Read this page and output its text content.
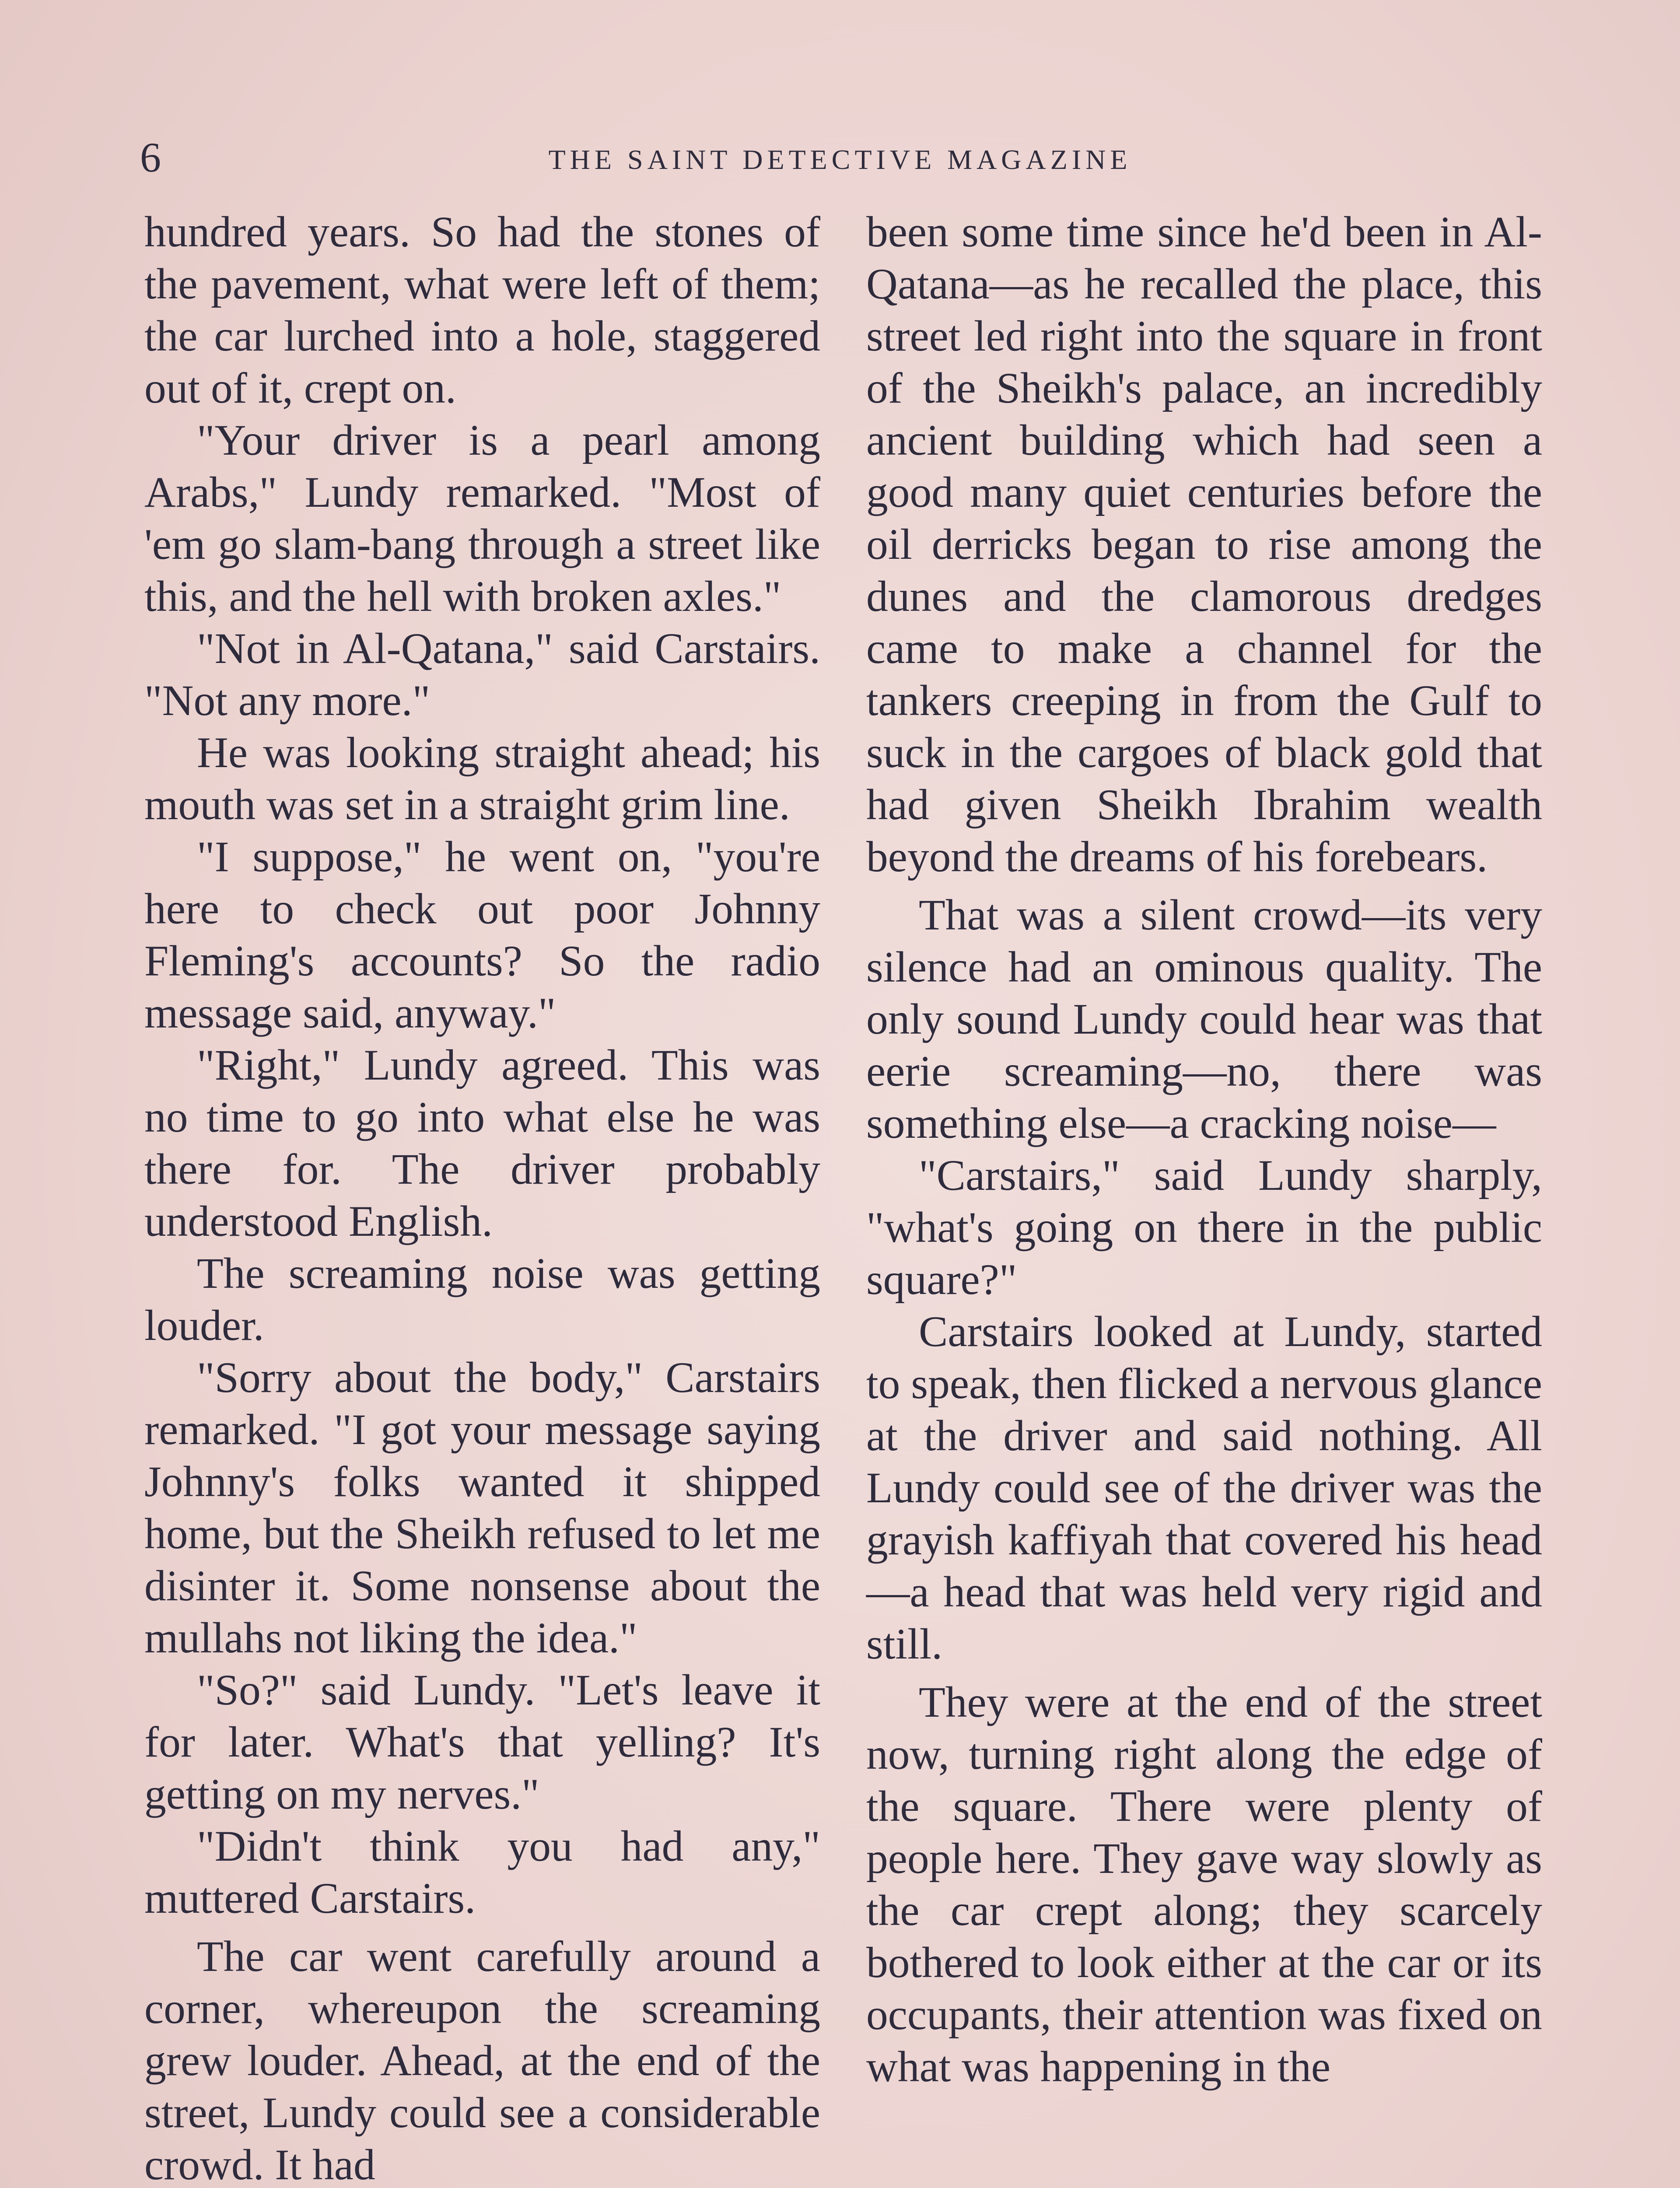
6	THE SAINT DETECTIVE MAGAZINE

hundred years. So had the stones of the pavement, what were left of them; the car lurched into a hole, staggered out of it, crept on.

"Your driver is a pearl among Arabs," Lundy remarked. "Most of 'em go slam-bang through a street like this, and the hell with broken axles."

"Not in Al-Qatana," said Carstairs. "Not any more."

He was looking straight ahead; his mouth was set in a straight grim line.

"I suppose," he went on, "you're here to check out poor Johnny Fleming's accounts? So the radio message said, anyway."

"Right," Lundy agreed. This was no time to go into what else he was there for. The driver probably understood English.

The screaming noise was getting louder.

"Sorry about the body," Carstairs remarked. "I got your message saying Johnny's folks wanted it shipped home, but the Sheikh refused to let me disinter it. Some nonsense about the mullahs not liking the idea."

"So?" said Lundy. "Let's leave it for later. What's that yelling? It's getting on my nerves."

"Didn't think you had any," muttered Carstairs.

The car went carefully around a corner, whereupon the screaming grew louder. Ahead, at the end of the street, Lundy could see a considerable crowd. It had

been some time since he'd been in Al-Qatana—as he recalled the place, this street led right into the square in front of the Sheikh's palace, an incredibly ancient building which had seen a good many quiet centuries before the oil derricks began to rise among the dunes and the clamorous dredges came to make a channel for the tankers creeping in from the Gulf to suck in the cargoes of black gold that had given Sheikh Ibrahim wealth beyond the dreams of his forebears.

That was a silent crowd—its very silence had an ominous quality. The only sound Lundy could hear was that eerie screaming—no, there was something else—a cracking noise—

"Carstairs," said Lundy sharply, "what's going on there in the public square?"

Carstairs looked at Lundy, started to speak, then flicked a nervous glance at the driver and said nothing. All Lundy could see of the driver was the grayish kaffiyah that covered his head—a head that was held very rigid and still.

They were at the end of the street now, turning right along the edge of the square. There were plenty of people here. They gave way slowly as the car crept along; they scarcely bothered to look either at the car or its occupants, their attention was fixed on what was happening in the
